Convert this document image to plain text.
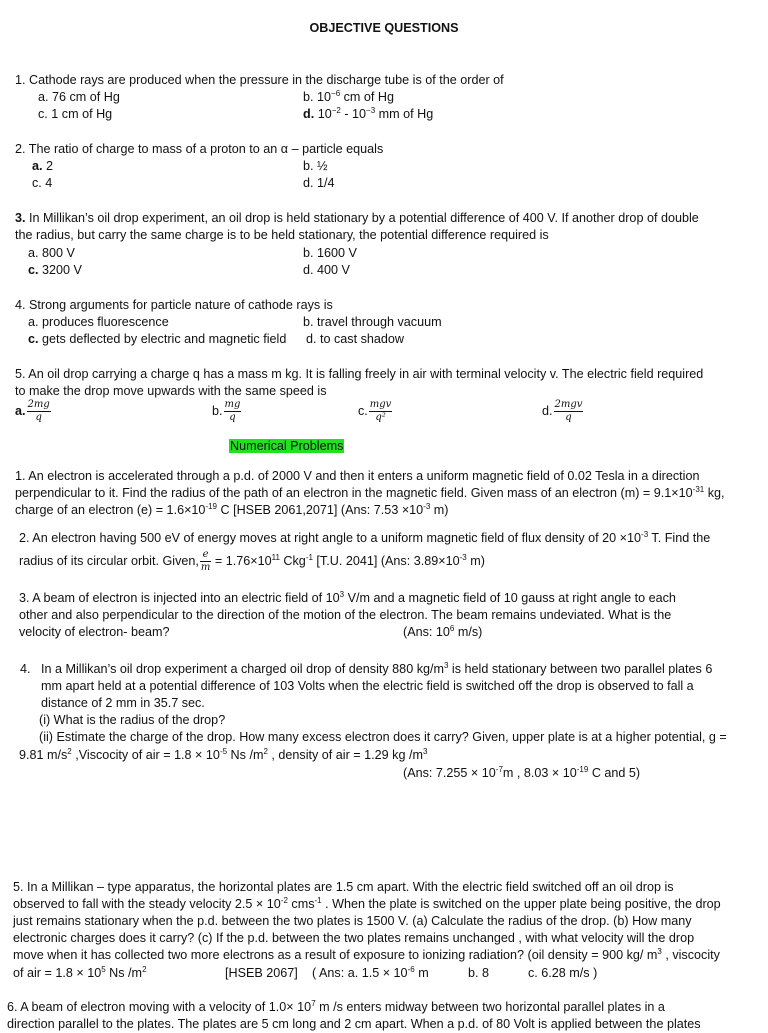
OBJECTIVE QUESTIONS
1. Cathode rays are produced when the pressure in the discharge tube is of the order of
a. 76 cm of Hg	b. $10^{-6}$ cm of Hg
c. 1 cm of Hg	d. $10^{-2} - 10^{-3}$ mm of Hg
2. The ratio of charge to mass of a proton to an α – particle equals
a. 2	b. ½
c. 4	d. 1/4
3. In Millikan’s oil drop experiment, an oil drop is held stationary by a potential difference of 400 V. If another drop of double
the radius, but carry the same charge is to be held stationary, the potential difference required is
a. 800 V	b. 1600 V
c. 3200 V	d. 400 V
4. Strong arguments for particle nature of cathode rays is
a. produces fluorescence	b. travel through vacuum
c. gets deflected by electric and magnetic field d. to cast shadow
5. An oil drop carrying a charge q has a mass m kg. It is falling freely in air with terminal velocity v. The electric field required
to make the drop move upwards with the same speed is
a. $\frac{2mg}{q}$	b. $\frac{mg}{q}$	c. $\frac{\text{mgv}}{\text{q²}}$	d. $\frac{\text{2mgv}}{q}$
Numerical Problems
1. An electron is accelerated through a p.d. of 2000 V and then it enters a uniform magnetic field of 0.02 Tesla in a direction
perpendicular to it. Find the radius of the path of an electron in the magnetic field. Given mass of an electron $(m) = 9.1\times 10^{-31}$ kg,
charge of an electron $(e) = 1.6\times 10^{-19}$ C [HSEB 2061,2071] (Ans: $7.53 \times 10^{-3}$ m)
2. An electron having 500 eV of energy moves at right angle to a uniform magnetic field of flux density of $20 \times 10^{-3}$ T. Find the
radius of its circular orbit. Given, $\frac{e}{m} = 1.76\times 10^{11}$ Ckg$^{-1}$ [T.U. 2041] (Ans: $3.89\times 10^{-3}$ m)
3. A beam of electron is injected into an electric field of $10^3$ V/m and a magnetic field of 10 gauss at right angle to each
other and also perpendicular to the direction of the motion of the electron. The beam remains undeviated. What is the
velocity of electron- beam?	(Ans: $10^6$ m/s)
4. In a Millikan’s oil drop experiment a charged oil drop of density 880 $kg/m^3$ is held stationary between two parallel plates 6
mm apart held at a potential difference of 103 Volts when the electric field is switched off the drop is observed to fall a
distance of 2 mm in 35.7 sec.
(i) What is the radius of the drop?
(ii) Estimate the charge of the drop. How many excess electron does it carry? Given, upper plate is at a higher potential, g =
9.81 $m/s^2$ ,Viscocity of air = $1.8 \times 10^{-5}$ Ns $/m^2$ , density of air = 1.29 kg $/m^3$
(Ans: $7.255 \times 10^{-7}m$ , $8.03 \times 10^{-19}$ C and 5)
5. In a Millikan – type apparatus, the horizontal plates are 1.5 cm apart. With the electric field switched off an oil drop is
observed to fall with the steady velocity $2.5 \times 10^{-2}$ cms$^{-1}$ . When the plate is switched on the upper plate being positive, the drop
just remains stationary when the p.d. between the two plates is 1500 V. (a) Calculate the radius of the drop. (b) How many
electronic charges does it carry? (c) If the p.d. between the two plates remains unchanged , with what velocity will the drop
move when it has collected two more electrons as a result of exposure to ionizing radiation? (oil density = 900 kg/ $m^3$ , viscocity
of air = $1.8 \times 10^5$ Ns $/m^2$	[HSEB 2067] ( Ans: a. $1.5 \times 10^{-6}$ m	b. 8	c. 6.28 m/s )
6. A beam of electron moving with a velocity of $1.0\times 10^7$ m /s enters midway between two horizontal parallel plates in a
direction parallel to the plates. The plates are 5 cm long and 2 cm apart. When a p.d. of 80 Volt is applied between the plates
